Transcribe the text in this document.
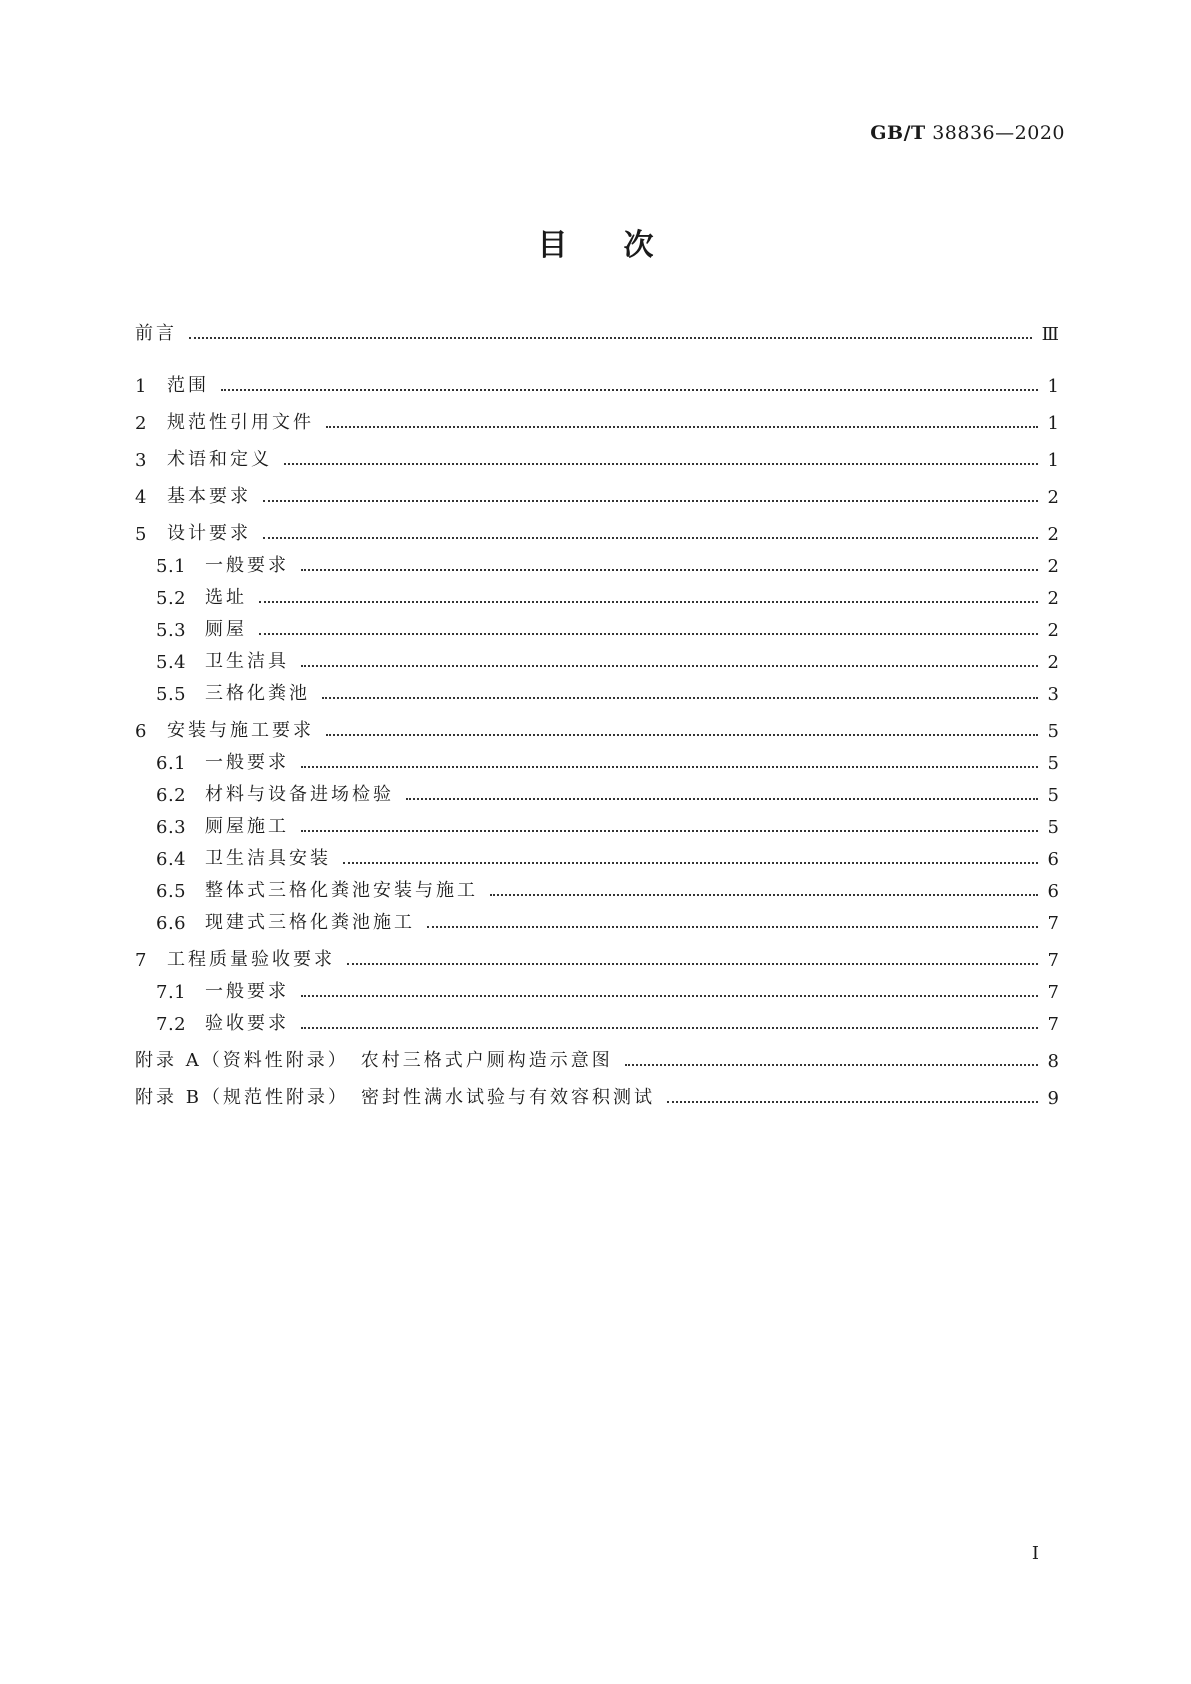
GB/T 38836—2020
目次
前言	Ⅲ
1	范围	1
2	规范性引用文件	1
3	术语和定义	1
4	基本要求	2
5	设计要求	2
5.1	一般要求	2
5.2	选址	2
5.3	厕屋	2
5.4	卫生洁具	2
5.5	三格化粪池	3
6	安装与施工要求	5
6.1	一般要求	5
6.2	材料与设备进场检验	5
6.3	厕屋施工	5
6.4	卫生洁具安装	6
6.5	整体式三格化粪池安装与施工	6
6.6	现建式三格化粪池施工	7
7	工程质量验收要求	7
7.1	一般要求	7
7.2	验收要求	7
附录 A（资料性附录）　农村三格式户厕构造示意图	8
附录 B（规范性附录）　密封性满水试验与有效容积测试	9
I
